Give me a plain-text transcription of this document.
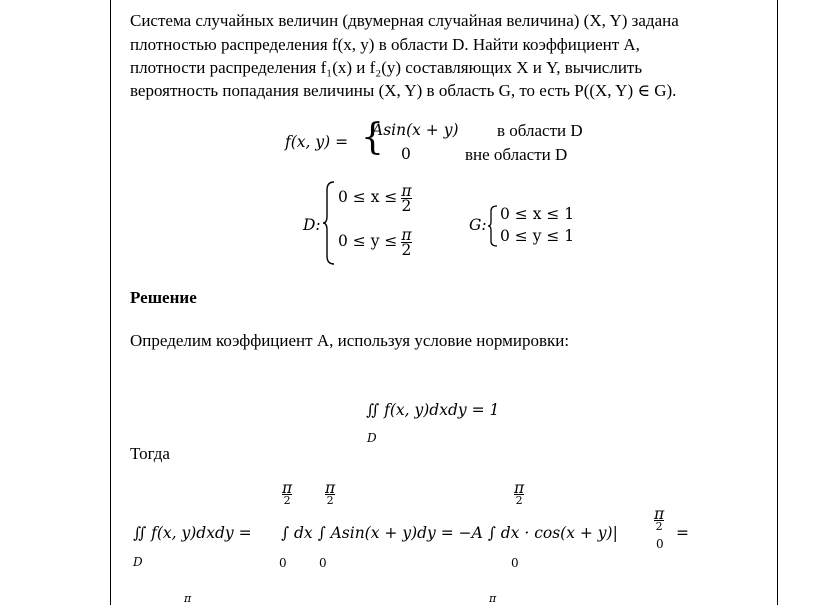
Система случайных величин (двумерная случайная величина) (X, Y) задана

плотностью распределения f(x, y) в области D. Найти коэффициент A,

плотности распределения f₁(x) и f₂(y) составляющих X и Y, вычислить

вероятность попадания величины (X, Y) в область G, то есть P((X, Y) ∈ G).

f(x, y) = {
Asin(x + y) в области D
0	вне области D
D:
$0 \le x \le \frac{\pi}{2}$
$0 \le y \le \frac{\pi}{2}$
G:
0 ≤ x ≤ 1
0 ≤ y ≤ 1
Решение
Определим коэффициент A, используя условие нормировки:
∬ f(x, y)dxdy = 1
D
Тогда
∬ f(x, y)dxdy =
D
π
2
0
π
2
0
π
2
0
∫ dx ∫ Asin(x + y)dy = −A ∫ dx · cos(x + y)|
π
2
0
=
π	π
